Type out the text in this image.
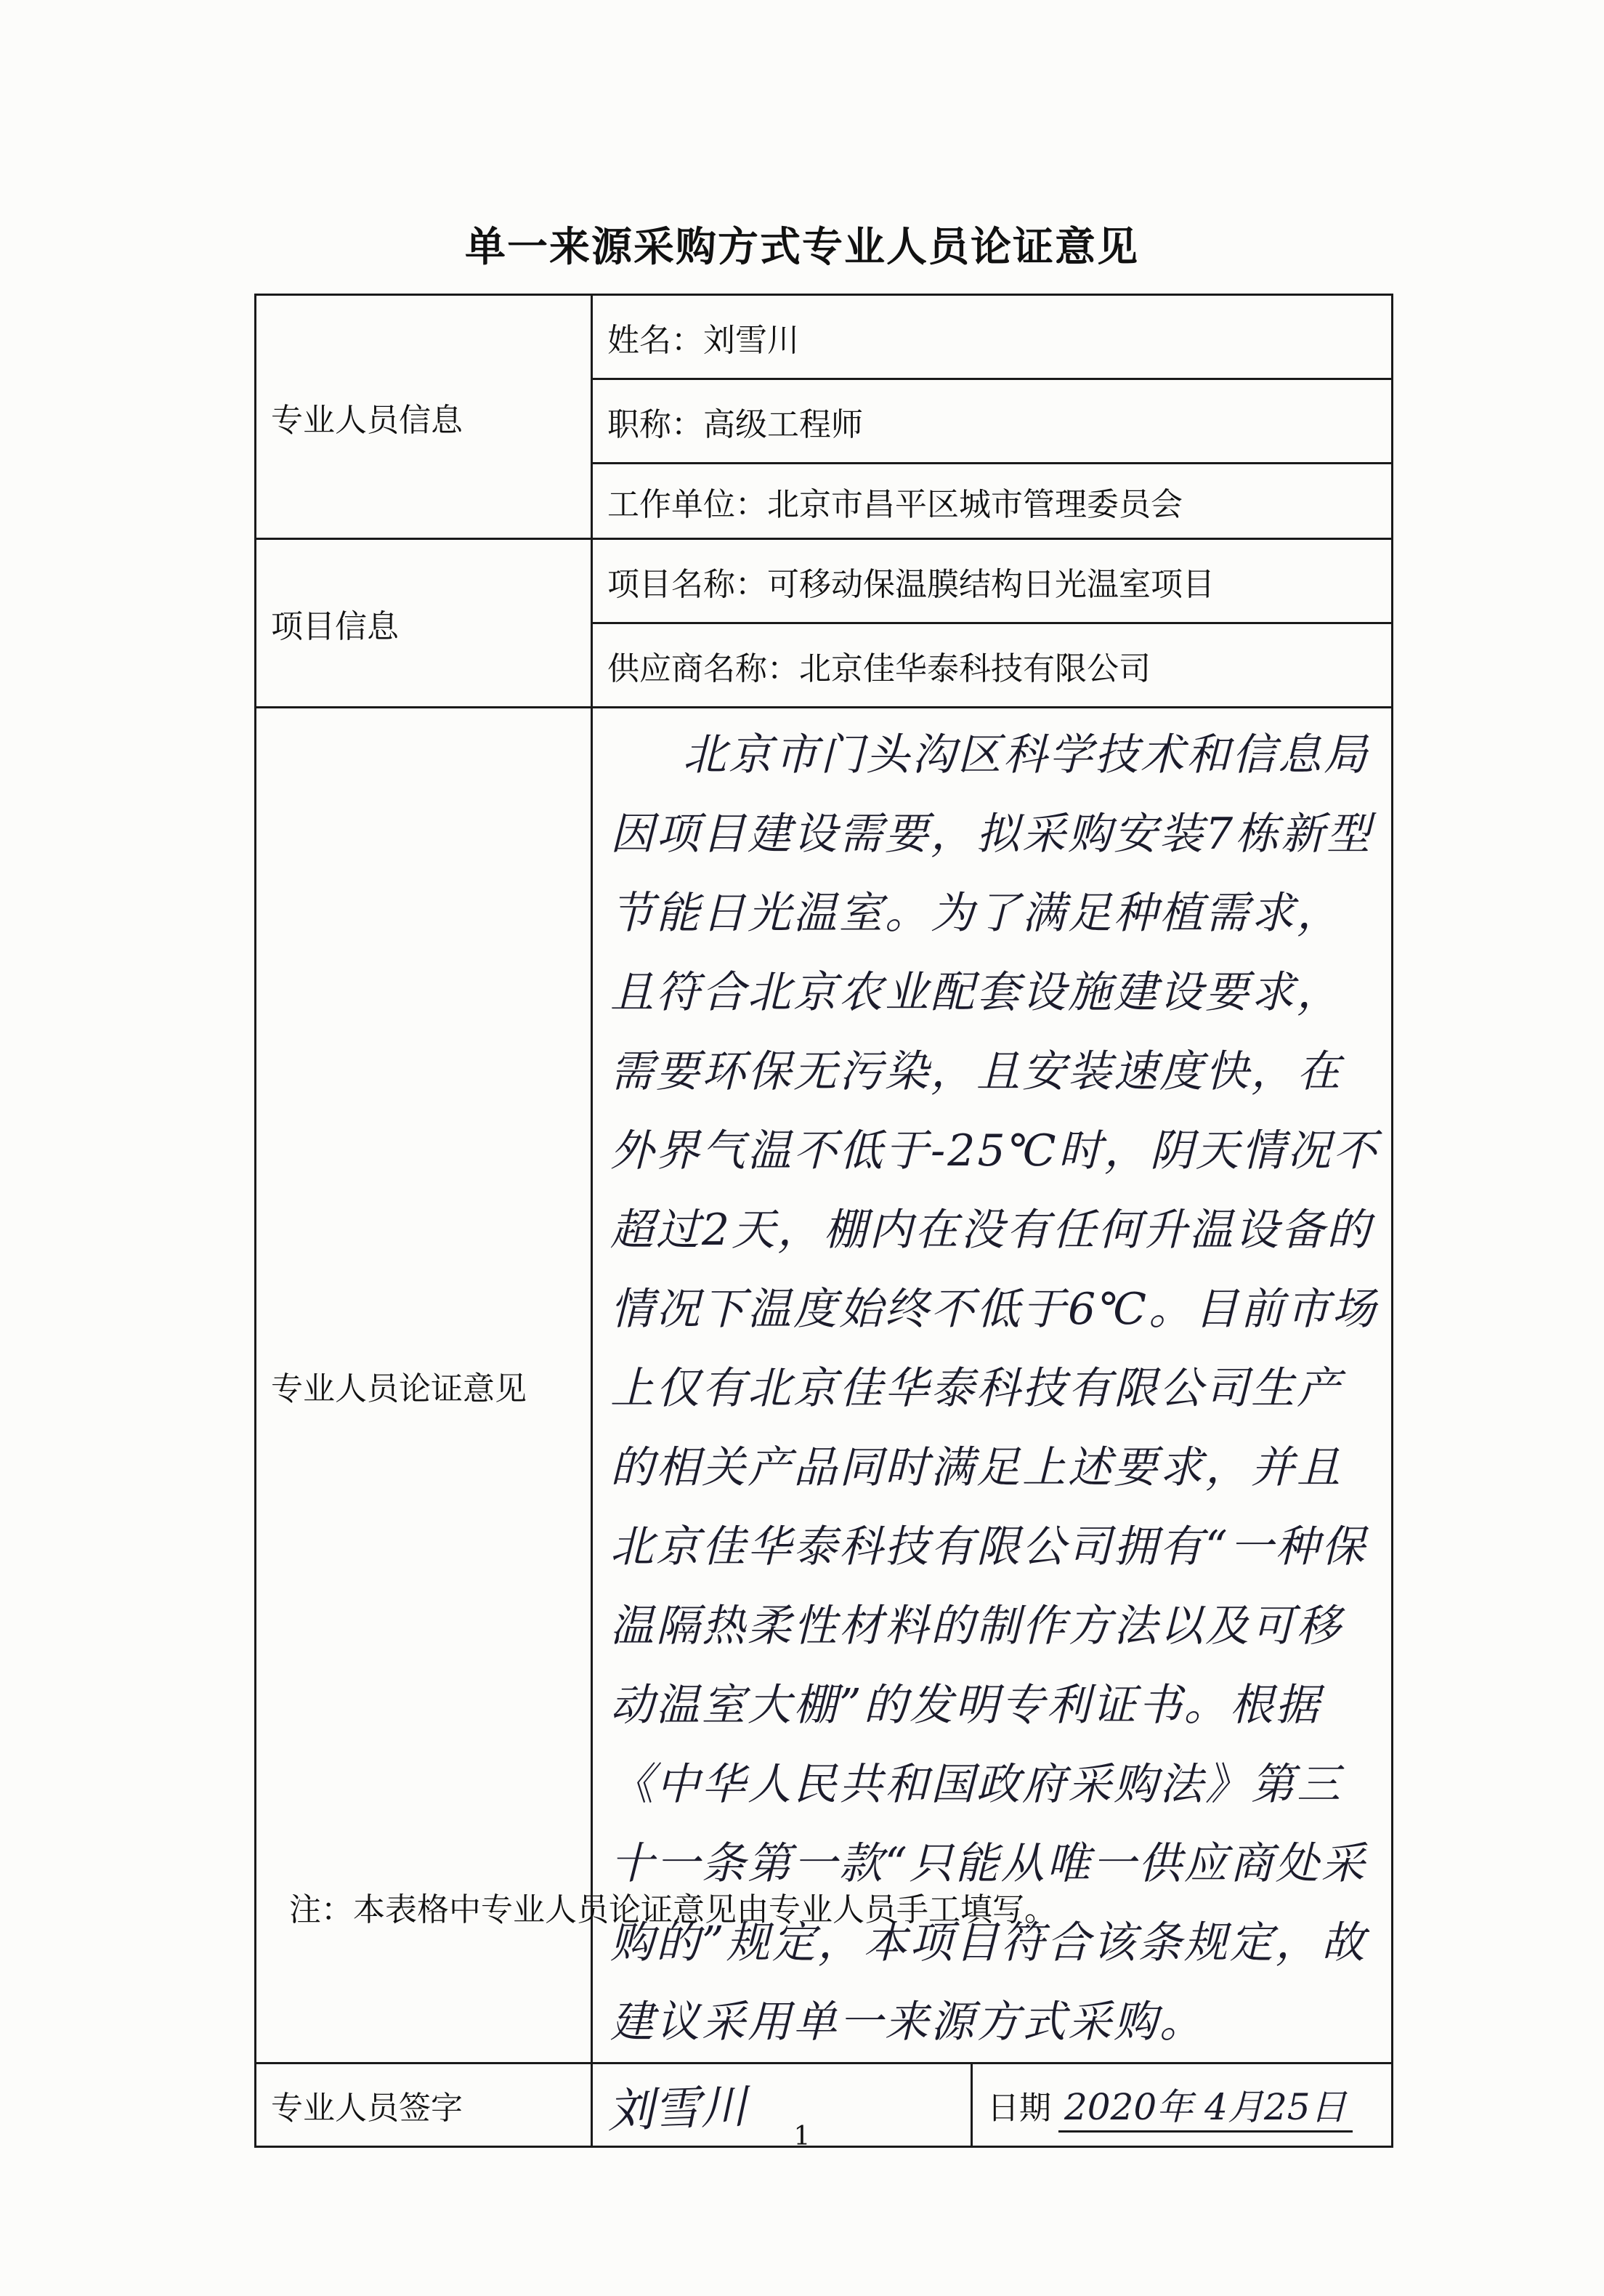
单一来源采购方式专业人员论证意见
专业人员信息	姓名：刘雪川
	职称：高级工程师
	工作单位：北京市昌平区城市管理委员会
项目信息	项目名称：可移动保温膜结构日光温室项目
	供应商名称：北京佳华泰科技有限公司
专业人员论证意见	北京市门头沟区科学技术和信息局因项目建设需要，拟采购安装7栋新型节能日光温室。为了满足种植需求，且符合北京农业配套设施建设要求，需要环保无污染，且安装速度快，在外界气温不低于-25℃时，阴天情况不超过2天，棚内在没有任何升温设备的情况下温度始终不低于6℃。目前市场上仅有北京佳华泰科技有限公司生产的相关产品同时满足上述要求，并且北京佳华泰科技有限公司拥有“一种保温隔热柔性材料的制作方法以及可移动温室大棚”的发明专利证书。根据《中华人民共和国政府采购法》第三十一条第一款“只能从唯一供应商处采购的”规定，本项目符合该条规定，故建议采用单一来源方式采购。

专业人员签字	刘雪川 日期 2020年 4月25日
注：本表格中专业人员论证意见由专业人员手工填写。
1
